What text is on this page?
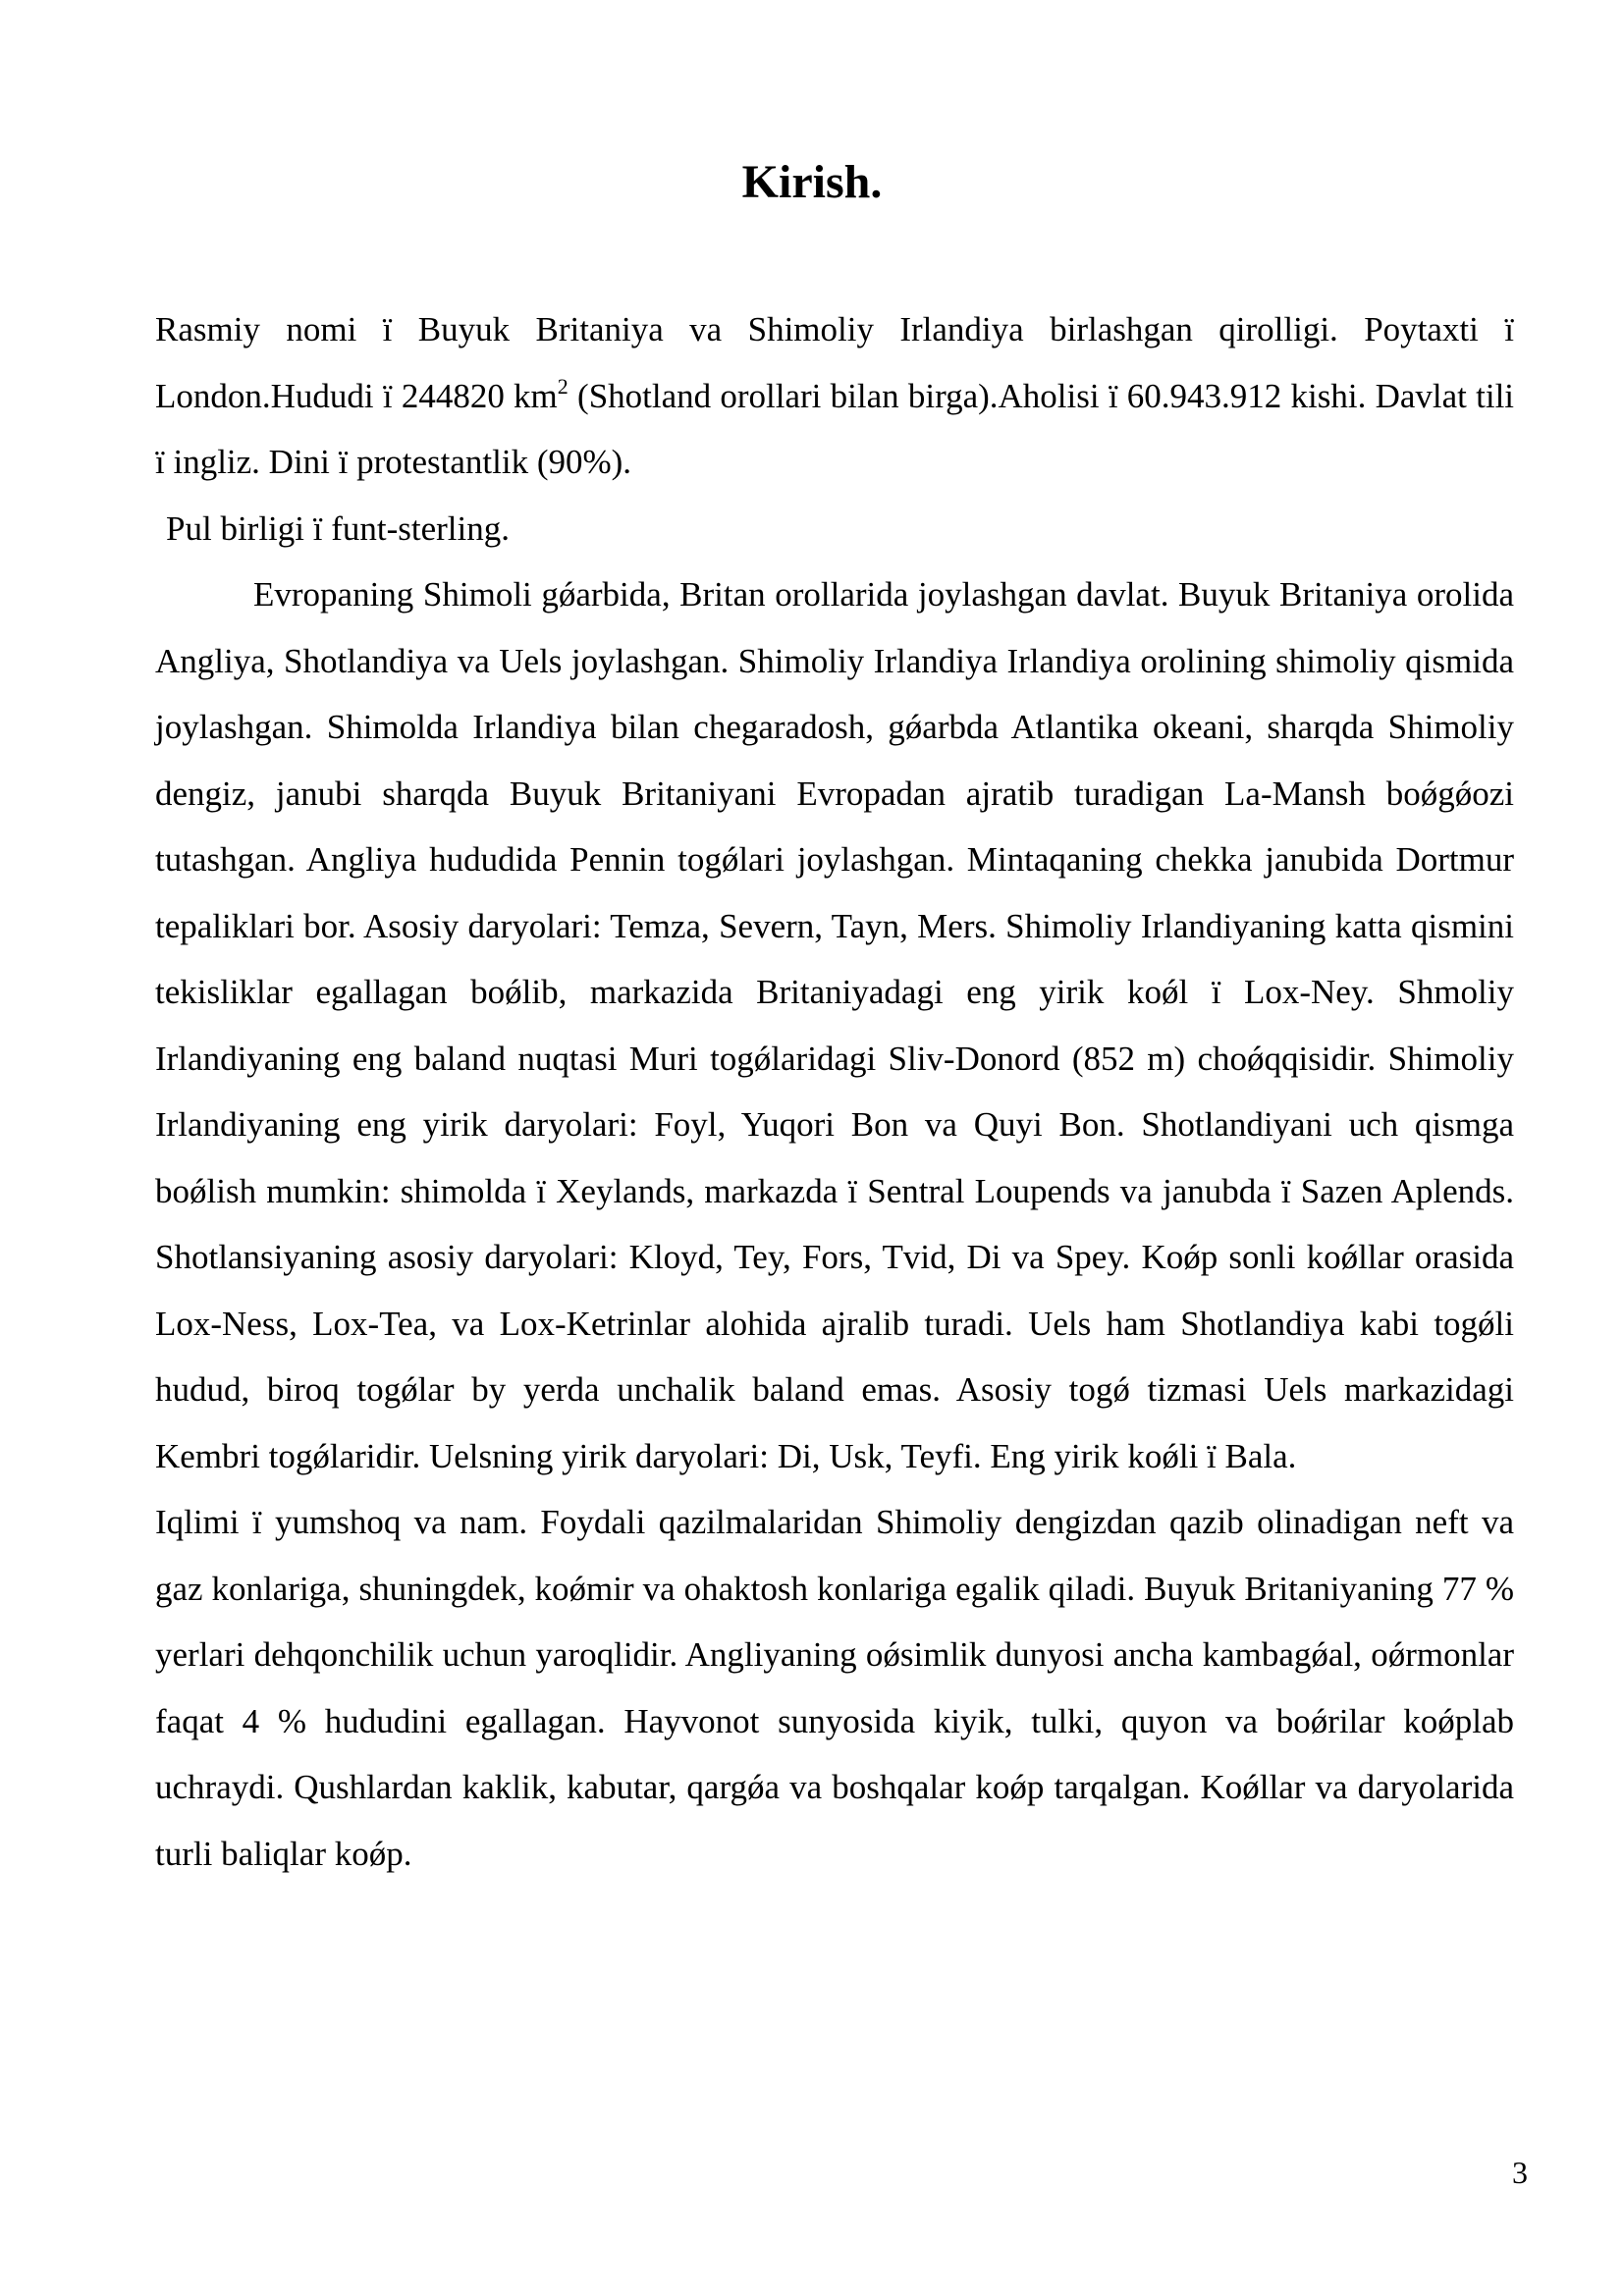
Kirish.

Rasmiy nomi ї Buyuk Britaniya va Shimoliy Irlandiya birlashgan qirolligi. Poytaxti ї London.Hududi ї 244820 $km^2$ (Shotland orollari bilan birga).Aholisi ї 60.943.912 kishi. Davlat tili ї ingliz. Dini ї protestantlik (90%).

Pul birligi ї funt-sterling.

Evropaning Shimoli gǿarbida, Britan orollarida joylashgan davlat. Buyuk Britaniya orolida Angliya, Shotlandiya va Uels joylashgan. Shimoliy Irlandiya Irlandiya orolining shimoliy qismida joylashgan. Shimolda Irlandiya bilan chegaradosh, gǿarbda Atlantika okeani, sharqda Shimoliy dengiz, janubi sharqda Buyuk Britaniyani Evropadan ajratib turadigan La-Mansh boǿgǿozi tutashgan. Angliya hududida Pennin togǿlari joylashgan. Mintaqaning chekka janubida Dortmur tepaliklari bor. Asosiy daryolari: Temza, Severn, Tayn, Mers. Shimoliy Irlandiyaning katta qismini tekisliklar egallagan boǿlib, markazida Britaniyadagi eng yirik koǿl ї Lox-Ney. Shmoliy Irlandiyaning eng baland nuqtasi Muri togǿlaridagi Sliv-Donord (852 m) choǿqqisidir. Shimoliy Irlandiyaning eng yirik daryolari: Foyl, Yuqori Bon va Quyi Bon. Shotlandiyani uch qismga boǿlish mumkin: shimolda ї Xeylands, markazda ї Sentral Loupends va janubda ї Sazen Aplends. Shotlansiyaning asosiy daryolari: Kloyd, Tey, Fors, Tvid, Di va Spey. Koǿp sonli koǿllar orasida Lox-Ness, Lox-Tea, va Lox-Ketrinlar alohida ajralib turadi. Uels ham Shotlandiya kabi togǿli hudud, biroq togǿlar by yerda unchalik baland emas. Asosiy togǿ tizmasi Uels markazidagi Kembri togǿlaridir. Uelsning yirik daryolari: Di, Usk, Teyfi. Eng yirik koǿli ї Bala.

Iqlimi ї yumshoq va nam. Foydali qazilmalaridan Shimoliy dengizdan qazib olinadigan neft va gaz konlariga, shuningdek, koǿmir va ohaktosh konlariga egalik qiladi. Buyuk Britaniyaning 77 % yerlari dehqonchilik uchun yaroqlidir. Angliyaning oǿsimlik dunyosi ancha kambagǿal, oǿrmonlar faqat 4 % hududini egallagan. Hayvonot sunyosida kiyik, tulki, quyon va boǿrilar koǿplab uchraydi. Qushlardan kaklik, kabutar, qargǿa va boshqalar koǿp tarqalgan. Koǿllar va daryolarida turli baliqlar koǿp.

3
